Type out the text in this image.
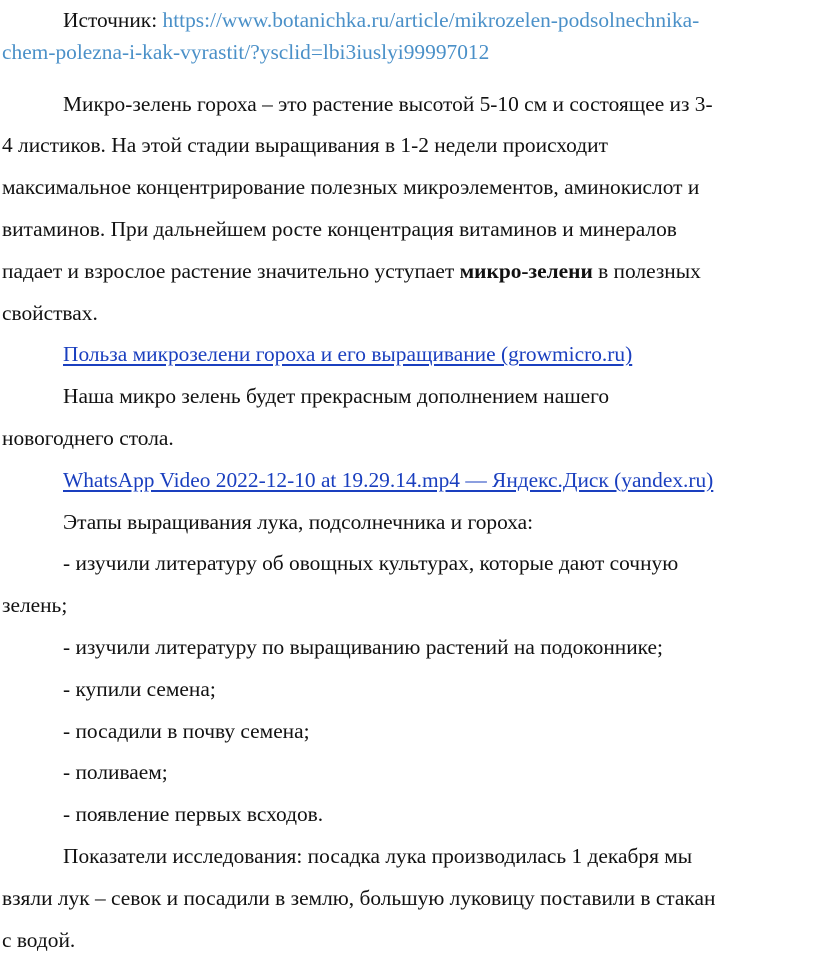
Источник: https://www.botanichka.ru/article/mikrozelen-podsolnechnika-
chem-polezna-i-kak-vyrastit/?ysclid=lbi3iuslyi99997012
Микро-зелень гороха – это растение высотой 5-10 см и состоящее из 3-
4 листиков. На этой стадии выращивания в 1-2 недели происходит
максимальное концентрирование полезных микроэлементов, аминокислот и
витаминов. При дальнейшем росте концентрация витаминов и минералов
падает и взрослое растение значительно уступает микро-зелени в полезных
свойствах.
Польза микрозелени гороха и его выращивание (growmicro.ru)
Наша микро зелень будет прекрасным дополнением нашего
новогоднего стола.
WhatsApp Video 2022-12-10 at 19.29.14.mp4 — Яндекс.Диск (yandex.ru)
Этапы выращивания лука, подсолнечника и гороха:
- изучили литературу об овощных культурах, которые дают сочную
зелень;
- изучили литературу по выращиванию растений на подоконнике;
- купили семена;
- посадили в почву семена;
- поливаем;
- появление первых всходов.
Показатели исследования: посадка лука производилась 1 декабря мы
взяли лук – севок и посадили в землю, большую луковицу поставили в стакан
с водой.
